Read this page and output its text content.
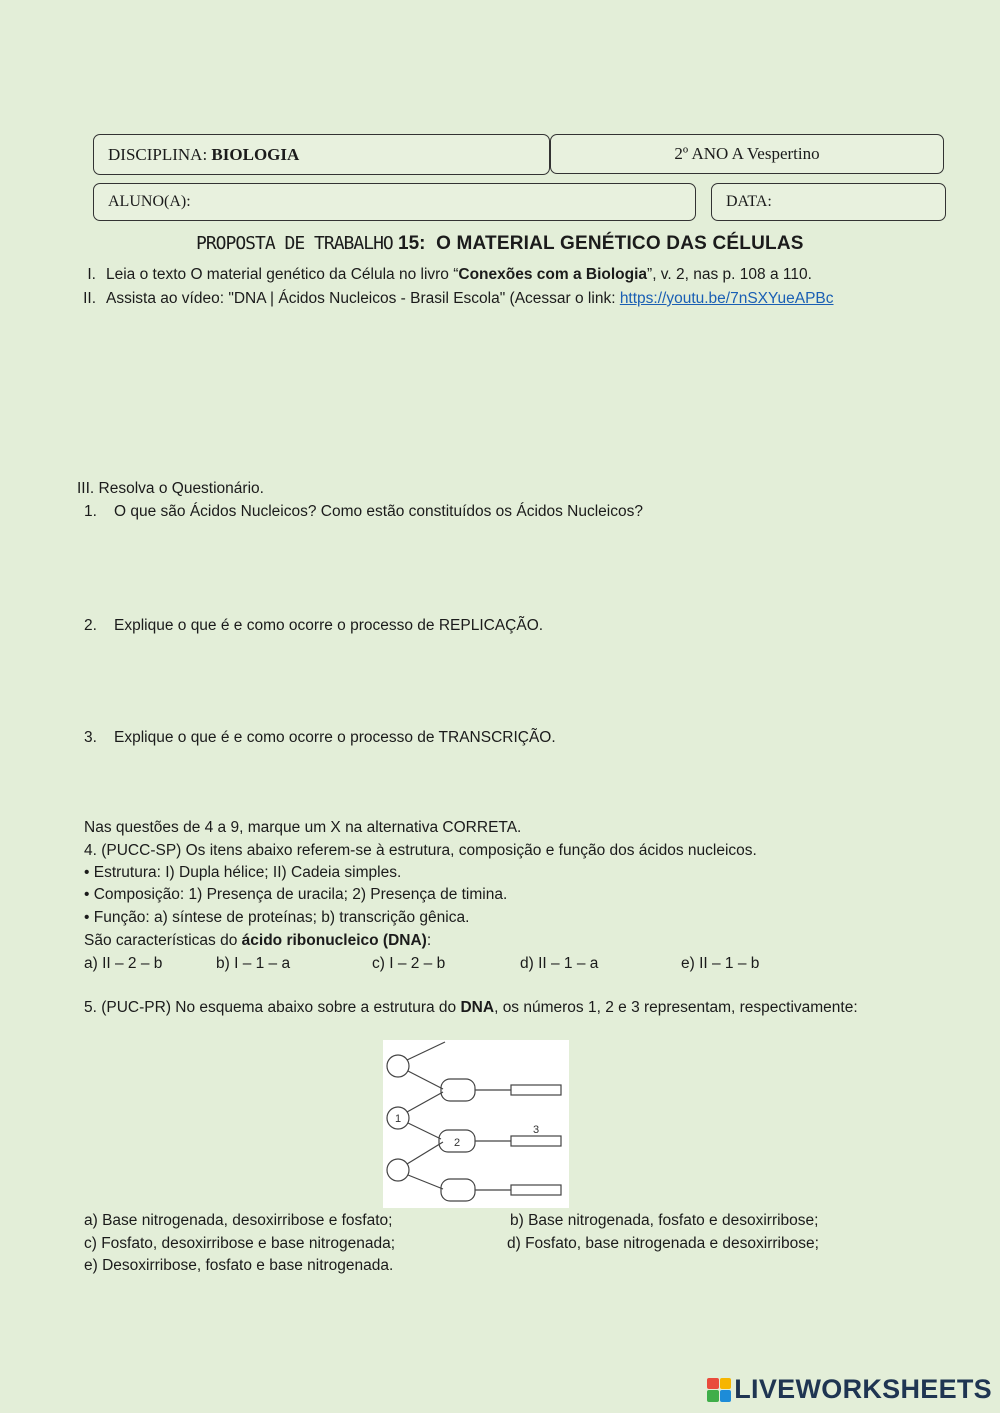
DISCIPLINA: BIOLOGIA	2º ANO A Vespertino
ALUNO(A):	DATA:
PROPOSTA DE TRABALHO 15:  O MATERIAL GENÉTICO DAS CÉLULAS
I. Leia o texto O material genético da Célula no livro “Conexões com a Biologia”, v. 2, nas p. 108 a 110.
II. Assista ao vídeo: "DNA | Ácidos Nucleicos - Brasil Escola" (Acessar o link: https://youtu.be/7nSXYueAPBc
III. Resolva o Questionário.
1. O que são Ácidos Nucleicos? Como estão constituídos os Ácidos Nucleicos?
2. Explique o que é e como ocorre o processo de REPLICAÇÃO.
3. Explique o que é e como ocorre o processo de TRANSCRIÇÃO.
Nas questões de 4 a 9, marque um X na alternativa CORRETA.
4. (PUCC-SP) Os itens abaixo referem-se à estrutura, composição e função dos ácidos nucleicos.
• Estrutura: I) Dupla hélice; II) Cadeia simples.
• Composição: 1) Presença de uracila; 2) Presença de timina.
• Função: a) síntese de proteínas; b) transcrição gênica.
São características do ácido ribonucleico (DNA):
a) II – 2 – b	b) I – 1 – a	c) I – 2 – b	d) II – 1 – a	e) II – 1 – b
5. (PUC-PR) No esquema abaixo sobre a estrutura do DNA, os números 1, 2 e 3 representam, respectivamente:
1
2
3
a) Base nitrogenada, desoxirribose e fosfato;	b) Base nitrogenada, fosfato e desoxirribose;
c) Fosfato, desoxirribose e base nitrogenada;	d) Fosfato, base nitrogenada e desoxirribose;
e) Desoxirribose, fosfato e base nitrogenada.
LIVEWORKSHEETS
